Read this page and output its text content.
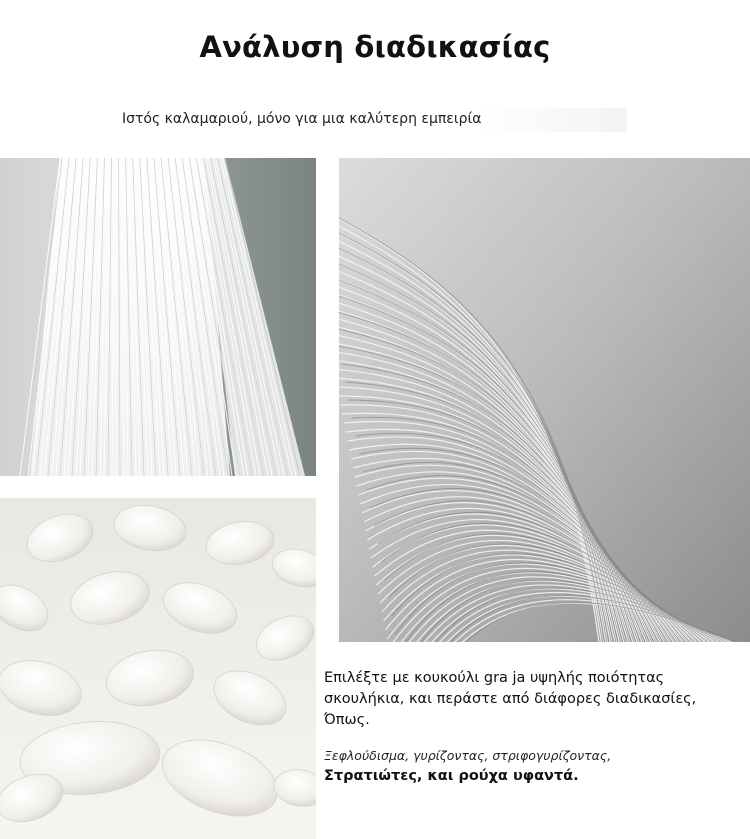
Ανάλυση διαδικασίας
Ιστός καλαμαριού, μόνο για μια καλύτερη εμπειρία
Επιλέξτε με κουκούλι gra ja υψηλής ποιότητας σκουλήκια, και περάστε από διάφορες διαδικασίες, Όπως.
Ξεφλούδισμα, γυρίζοντας, στριφογυρίζοντας,
Στρατιώτες, και ρούχα υφαντά.
